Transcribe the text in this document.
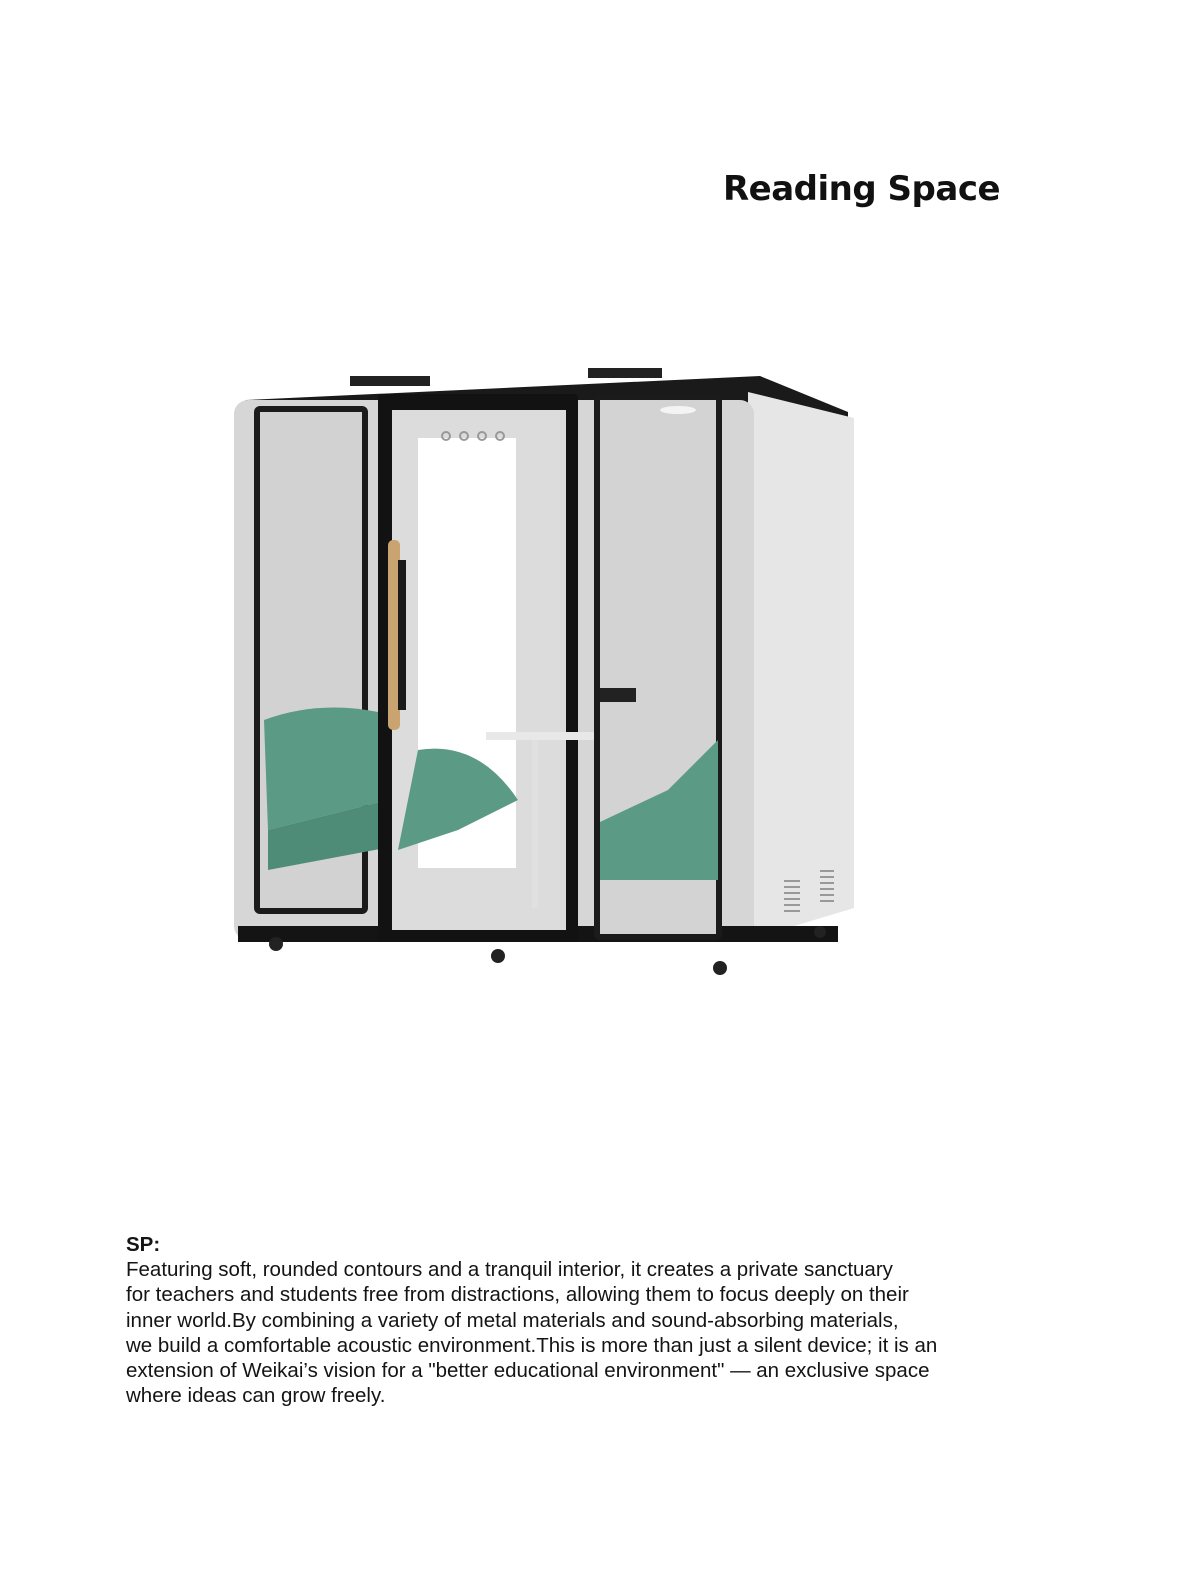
Reading Space
SP:
Featuring soft, rounded contours and a tranquil interior, it creates a private sanctuary
for teachers and students free from distractions, allowing them to focus deeply on their
inner world.By combining a variety of metal materials and sound-absorbing materials,
we build a comfortable acoustic environment.This is more than just a silent device; it is an
extension of Weikai’s vision for a "better educational environment" — an exclusive space
where ideas can grow freely.
